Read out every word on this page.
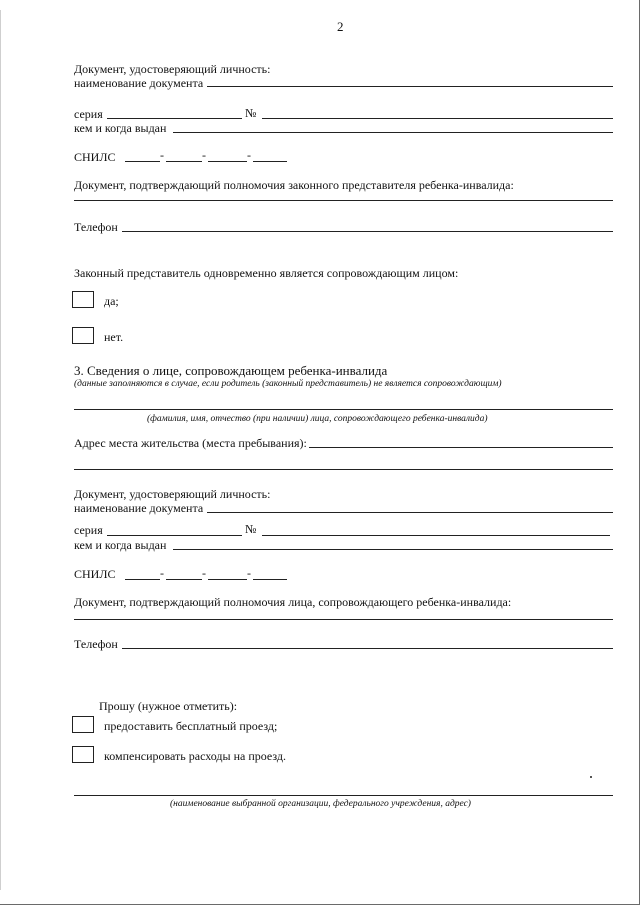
2
Документ, удостоверяющий личность:
наименование документа
серия	№
кем и когда выдан
СНИЛС	-	-	-
Документ, подтверждающий полномочия законного представителя ребенка-инвалида:
Телефон
Законный представитель одновременно является сопровождающим лицом:
да;
нет.
3. Сведения о лице, сопровождающем ребенка-инвалида
(данные заполняются в случае, если родитель (законный представитель) не является сопровождающим)
(фамилия, имя, отчество (при наличии) лица, сопровождающего ребенка-инвалида)
Адрес места жительства (места пребывания):
Документ, удостоверяющий личность:
наименование документа
серия	№
кем и когда выдан
СНИЛС	-	-	-
Документ, подтверждающий полномочия лица, сопровождающего ребенка-инвалида:
Телефон
Прошу (нужное отметить):
предоставить бесплатный проезд;
компенсировать расходы на проезд.
(наименование выбранной организации, федерального учреждения, адрес)
